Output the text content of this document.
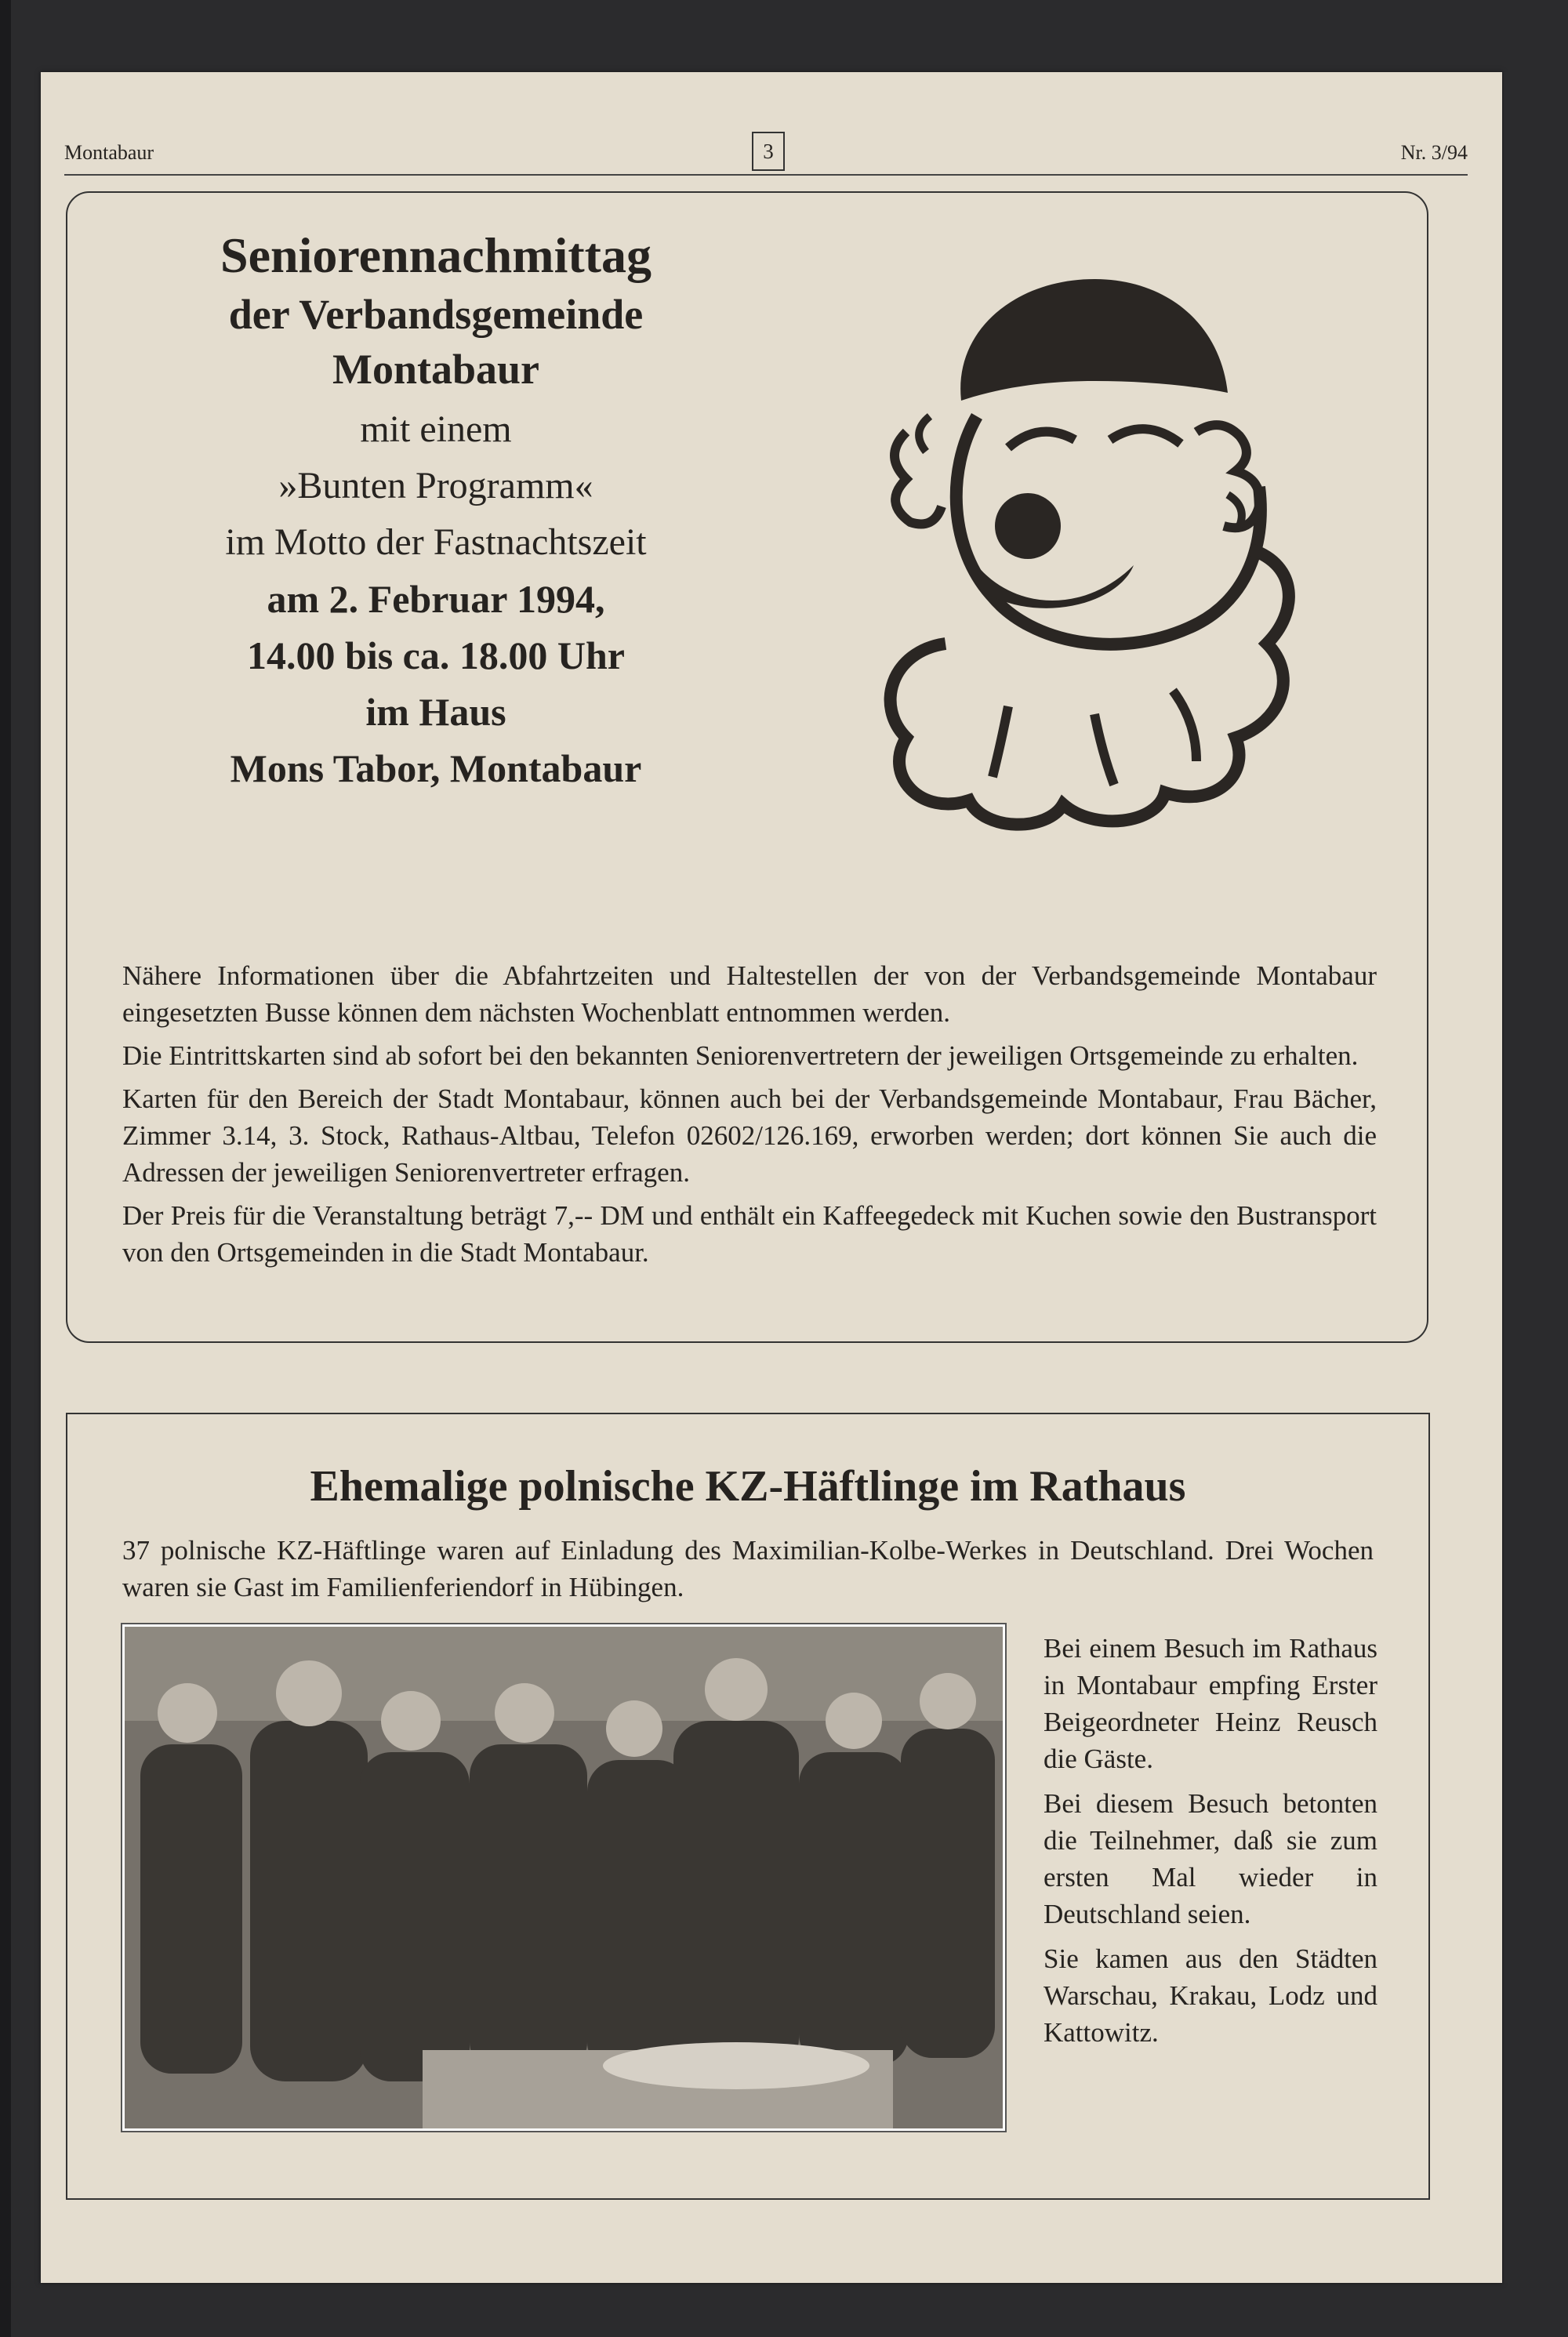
Montabaur	3	Nr. 3/94
Seniorennachmittag
der Verbandsgemeinde
Montabaur
mit einem
»Bunten Programm«
im Motto der Fastnachtszeit
am 2. Februar 1994,
14.00 bis ca. 18.00 Uhr
im Haus
Mons Tabor, Montabaur

Nähere Informationen über die Abfahrtzeiten und Haltestellen der von der Verbandsgemeinde Montabaur eingesetzten Busse können dem nächsten Wochenblatt entnommen werden.

Die Eintrittskarten sind ab sofort bei den bekannten Seniorenvertretern der jeweiligen Ortsgemeinde zu erhalten.

Karten für den Bereich der Stadt Montabaur, können auch bei der Verbandsgemeinde Montabaur, Frau Bächer, Zimmer 3.14, 3. Stock, Rathaus-Altbau, Telefon 02602/126.169, erworben werden; dort können Sie auch die Adressen der jeweiligen Seniorenvertreter erfragen.

Der Preis für die Veranstaltung beträgt 7,-- DM und enthält ein Kaffeegedeck mit Kuchen sowie den Bustransport von den Ortsgemeinden in die Stadt Montabaur.

Ehemalige polnische KZ-Häftlinge im Rathaus
37 polnische KZ-Häftlinge waren auf Einladung des Maximilian-Kolbe-Werkes in Deutschland. Drei Wochen waren sie Gast im Familienferiendorf in Hübingen.

Bei einem Besuch im Rathaus in Montabaur empfing Erster Beigeordneter Heinz Reusch die Gäste.

Bei diesem Besuch betonten die Teilnehmer, daß sie zum ersten Mal wieder in Deutschland seien.

Sie kamen aus den Städten Warschau, Krakau, Lodz und Kattowitz.
